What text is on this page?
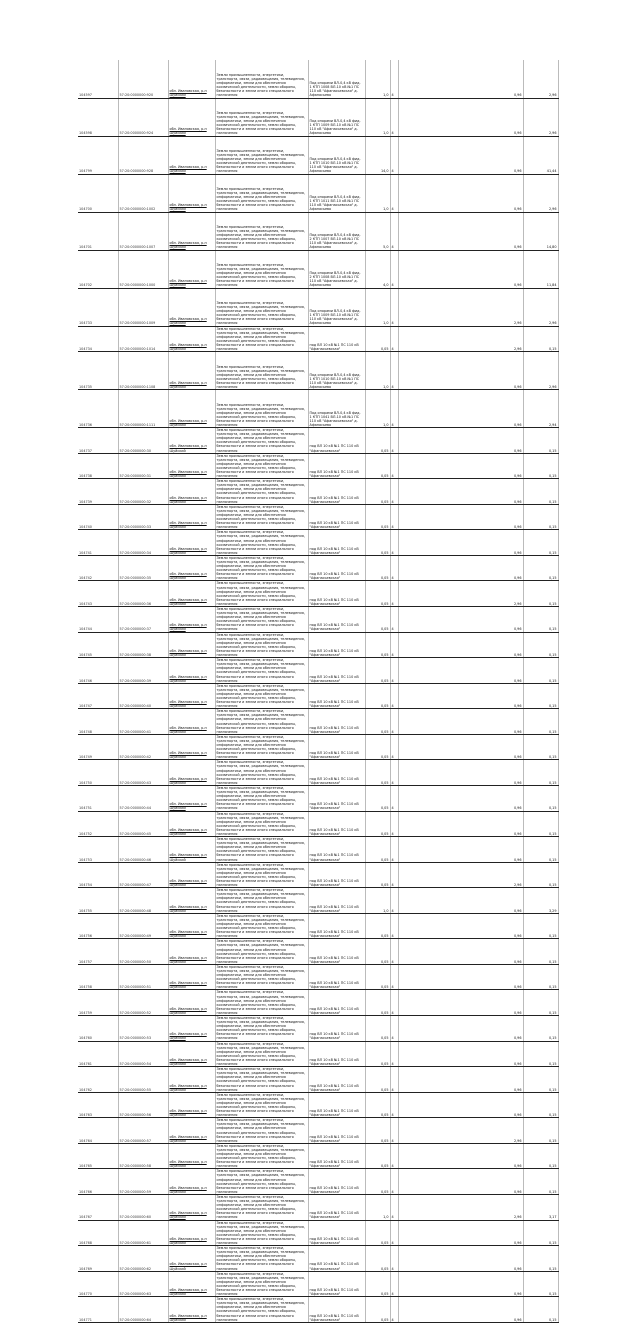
104597	57:20:0000000:920	обл. Ивановская, р-н Шуйский	Земли промышленности, энергетики, транспорта, связи, радиовещания, телевидения, информатики, земли для обеспечения космической деятельности, земли обороны, безопасности и земли иного специального назначения	Под опорами ВЛ-0,4 кВ фид. 1 КТП 1008 ВЛ-10 кВ №1 ПС 110 кВ "Афанасьевская" д. Афанасьево	1,0	4			0,96	2,96
104598	57:20:0000000:924	обл. Ивановская, р-н Шуйский	Земли промышленности, энергетики, транспорта, связи, радиовещания, телевидения, информатики, земли для обеспечения космической деятельности, земли обороны, безопасности и земли иного специального назначения	Под опорами ВЛ-0,4 кВ фид. 1 КТП 1009 ВЛ-10 кВ №1 ПС 110 кВ "Афанасьевская" д. Афанасьево	1,0	4			0,96	2,96
104799	57:20:0000000:928	обл. Ивановская, р-н Шуйский	Земли промышленности, энергетики, транспорта, связи, радиовещания, телевидения, информатики, земли для обеспечения космической деятельности, земли обороны, безопасности и земли иного специального назначения	Под опорами ВЛ-0,4 кВ фид. 1 КТП 1010 ВЛ-10 кВ №1 ПС 110 кВ "Афанасьевская" д. Афанасьево	14,0	4			0,96	41,44
104700	57:20:0000000:1002	обл. Ивановская, р-н Шуйский	Земли промышленности, энергетики, транспорта, связи, радиовещания, телевидения, информатики, земли для обеспечения космической деятельности, земли обороны, безопасности и земли иного специального назначения	Под опорами ВЛ-0,4 кВ фид. 1 КТП 1011 ВЛ-10 кВ №1 ПС 110 кВ "Афанасьевская" д. Афанасьево	1,0	4			0,96	2,96
104701	57:20:0000000:1007	обл. Ивановская, р-н Шуйский	Земли промышленности, энергетики, транспорта, связи, радиовещания, телевидения, информатики, земли для обеспечения космической деятельности, земли обороны, безопасности и земли иного специального назначения	Под опорами ВЛ-0,4 кВ фид. 2 КТП 1007 ВЛ-10 кВ №1 ПС 110 кВ "Афанасьевская" д. Афанасьево	5,0	4			0,96	14,80
104702	57:20:0000000:1000	обл. Ивановская, р-н Шуйский	Земли промышленности, энергетики, транспорта, связи, радиовещания, телевидения, информатики, земли для обеспечения космической деятельности, земли обороны, безопасности и земли иного специального назначения	Под опорами ВЛ-0,4 кВ фид. 2 КТП 1008 ВЛ-10 кВ №1 ПС 110 кВ "Афанасьевская" д. Афанасьево	4,0	4			0,96	11,84
104733	57:20:0000000:1009	обл. Ивановская, р-н Шуйский	Земли промышленности, энергетики, транспорта, связи, радиовещания, телевидения, информатики, земли для обеспечения космической деятельности, земли обороны, безопасности и земли иного специального назначения	Под опорами ВЛ-0,4 кВ фид. 1 КТП 1009 ВЛ-10 кВ №1 ПС 110 кВ "Афанасьевская" д. Афанасьево	1,0	4			2,96	2,96
104734	57:20:0000000:1014	обл. Ивановская, р-н Шуйский	Земли промышленности, энергетики, транспорта, связи, радиовещания, телевидения, информатики, земли для обеспечения космической деятельности, земли обороны, безопасности и земли иного специального назначения	под ВЛ 10 кВ №1 ПС 110 кВ "Афанасьевская"	0,05	4			2,96	0,15
104735	57:20:0000000:1108	обл. Ивановская, р-н Шуйский	Земли промышленности, энергетики, транспорта, связи, радиовещания, телевидения, информатики, земли для обеспечения космической деятельности, земли обороны, безопасности и земли иного специального назначения	Под опорами ВЛ-0,4 кВ фид. 1 КТП 1010 ВЛ-10 кВ №1 ПС 110 кВ "Афанасьевская" д. Афанасьево	1,0	4			0,96	2,96
104736	57:20:0000000:1111	обл. Ивановская, р-н Шуйский	Земли промышленности, энергетики, транспорта, связи, радиовещания, телевидения, информатики, земли для обеспечения космической деятельности, земли обороны, безопасности и земли иного специального назначения	Под опорами ВЛ-0,4 кВ фид. 1 КТП 1041 ВЛ-10 кВ №1 ПС 110 кВ "Афанасьевская" д. Афанасьево	1,0	4			0,96	2,94
104737	57:20:0000000:30	обл. Ивановская, р-н Шуйский	Земли промышленности, энергетики, транспорта, связи, радиовещания, телевидения, информатики, земли для обеспечения космической деятельности, земли обороны, безопасности и земли иного специального назначения	под ВЛ 10 кВ №1 ПС 110 кВ "Афанасьевская"	0,05	4			0,96	0,15
104738	57:20:0000000:31	обл. Ивановская, р-н Шуйский	Земли промышленности, энергетики, транспорта, связи, радиовещания, телевидения, информатики, земли для обеспечения космической деятельности, земли обороны, безопасности и земли иного специального назначения	под ВЛ 10 кВ №1 ПС 110 кВ "Афанасьевская"	0,05	4			0,96	0,15
104739	57:20:0000000:32	обл. Ивановская, р-н Шуйский	Земли промышленности, энергетики, транспорта, связи, радиовещания, телевидения, информатики, земли для обеспечения космической деятельности, земли обороны, безопасности и земли иного специального назначения	под ВЛ 10 кВ №1 ПС 110 кВ "Афанасьевская"	0,05	4			0,96	0,15
104740	57:20:0000000:33	обл. Ивановская, р-н Шуйский	Земли промышленности, энергетики, транспорта, связи, радиовещания, телевидения, информатики, земли для обеспечения космической деятельности, земли обороны, безопасности и земли иного специального назначения	под ВЛ 10 кВ №1 ПС 110 кВ "Афанасьевская"	0,05	4			0,96	0,15
104741	57:20:0000000:34	обл. Ивановская, р-н Шуйский	Земли промышленности, энергетики, транспорта, связи, радиовещания, телевидения, информатики, земли для обеспечения космической деятельности, земли обороны, безопасности и земли иного специального назначения	под ВЛ 10 кВ №1 ПС 110 кВ "Афанасьевская"	0,05	4			0,96	0,15
104742	57:20:0000000:35	обл. Ивановская, р-н Шуйский	Земли промышленности, энергетики, транспорта, связи, радиовещания, телевидения, информатики, земли для обеспечения космической деятельности, земли обороны, безопасности и земли иного специального назначения	под ВЛ 10 кВ №1 ПС 110 кВ "Афанасьевская"	0,05	4			0,96	0,15
104743	57:20:0000000:36	обл. Ивановская, р-н Шуйский	Земли промышленности, энергетики, транспорта, связи, радиовещания, телевидения, информатики, земли для обеспечения космической деятельности, земли обороны, безопасности и земли иного специального назначения	под ВЛ 10 кВ №1 ПС 110 кВ "Афанасьевская"	0,05	4			2,96	0,15
104744	57:20:0000000:37	обл. Ивановская, р-н Шуйский	Земли промышленности, энергетики, транспорта, связи, радиовещания, телевидения, информатики, земли для обеспечения космической деятельности, земли обороны, безопасности и земли иного специального назначения	под ВЛ 10 кВ №1 ПС 110 кВ "Афанасьевская"	0,05	4			0,96	0,15
104745	57:20:0000000:38	обл. Ивановская, р-н Шуйский	Земли промышленности, энергетики, транспорта, связи, радиовещания, телевидения, информатики, земли для обеспечения космической деятельности, земли обороны, безопасности и земли иного специального назначения	под ВЛ 10 кВ №1 ПС 110 кВ "Афанасьевская"	0,05	4			0,96	0,15
104746	57:20:0000000:39	обл. Ивановская, р-н Шуйский	Земли промышленности, энергетики, транспорта, связи, радиовещания, телевидения, информатики, земли для обеспечения космической деятельности, земли обороны, безопасности и земли иного специального назначения	под ВЛ 10 кВ №1 ПС 110 кВ "Афанасьевская"	0,05	4			0,96	0,15
104747	57:20:0000000:40	обл. Ивановская, р-н Шуйский	Земли промышленности, энергетики, транспорта, связи, радиовещания, телевидения, информатики, земли для обеспечения космической деятельности, земли обороны, безопасности и земли иного специального назначения	под ВЛ 10 кВ №1 ПС 110 кВ "Афанасьевская"	0,05	4			0,96	0,15
104748	57:20:0000000:41	обл. Ивановская, р-н Шуйский	Земли промышленности, энергетики, транспорта, связи, радиовещания, телевидения, информатики, земли для обеспечения космической деятельности, земли обороны, безопасности и земли иного специального назначения	под ВЛ 10 кВ №1 ПС 110 кВ "Афанасьевская"	0,05	4			0,96	0,15
104749	57:20:0000000:42	обл. Ивановская, р-н Шуйский	Земли промышленности, энергетики, транспорта, связи, радиовещания, телевидения, информатики, земли для обеспечения космической деятельности, земли обороны, безопасности и земли иного специального назначения	под ВЛ 10 кВ №1 ПС 110 кВ "Афанасьевская"	0,05	4			0,96	0,15
104750	57:20:0000000:43	обл. Ивановская, р-н Шуйский	Земли промышленности, энергетики, транспорта, связи, радиовещания, телевидения, информатики, земли для обеспечения космической деятельности, земли обороны, безопасности и земли иного специального назначения	под ВЛ 10 кВ №1 ПС 110 кВ "Афанасьевская"	0,05	4			0,96	0,15
104751	57:20:0000000:44	обл. Ивановская, р-н Шуйский	Земли промышленности, энергетики, транспорта, связи, радиовещания, телевидения, информатики, земли для обеспечения космической деятельности, земли обороны, безопасности и земли иного специального назначения	под ВЛ 10 кВ №1 ПС 110 кВ "Афанасьевская"	0,05	4			0,96	0,15
104752	57:20:0000000:45	обл. Ивановская, р-н Шуйский	Земли промышленности, энергетики, транспорта, связи, радиовещания, телевидения, информатики, земли для обеспечения космической деятельности, земли обороны, безопасности и земли иного специального назначения	под ВЛ 10 кВ №1 ПС 110 кВ "Афанасьевская"	0,05	4			0,96	0,15
104753	57:20:0000000:46	обл. Ивановская, р-н Шуйский	Земли промышленности, энергетики, транспорта, связи, радиовещания, телевидения, информатики, земли для обеспечения космической деятельности, земли обороны, безопасности и земли иного специального назначения	под ВЛ 10 кВ №1 ПС 110 кВ "Афанасьевская"	0,05	4			0,96	0,15
104754	57:20:0000000:47	обл. Ивановская, р-н Шуйский	Земли промышленности, энергетики, транспорта, связи, радиовещания, телевидения, информатики, земли для обеспечения космической деятельности, земли обороны, безопасности и земли иного специального назначения	под ВЛ 10 кВ №1 ПС 110 кВ "Афанасьевская"	0,05	4			2,96	0,15
104755	57:20:0000000:48	обл. Ивановская, р-н Шуйский	Земли промышленности, энергетики, транспорта, связи, радиовещания, телевидения, информатики, земли для обеспечения космической деятельности, земли обороны, безопасности и земли иного специального назначения	под ВЛ 10 кВ №1 ПС 110 кВ "Афанасьевская"	1,0	4			0,96	3,29
104756	57:20:0000000:49	обл. Ивановская, р-н Шуйский	Земли промышленности, энергетики, транспорта, связи, радиовещания, телевидения, информатики, земли для обеспечения космической деятельности, земли обороны, безопасности и земли иного специального назначения	под ВЛ 10 кВ №1 ПС 110 кВ "Афанасьевская"	0,05	4			0,96	0,15
104757	57:20:0000000:50	обл. Ивановская, р-н Шуйский	Земли промышленности, энергетики, транспорта, связи, радиовещания, телевидения, информатики, земли для обеспечения космической деятельности, земли обороны, безопасности и земли иного специального назначения	под ВЛ 10 кВ №1 ПС 110 кВ "Афанасьевская"	0,05	4			0,96	0,15
104758	57:20:0000000:51	обл. Ивановская, р-н Шуйский	Земли промышленности, энергетики, транспорта, связи, радиовещания, телевидения, информатики, земли для обеспечения космической деятельности, земли обороны, безопасности и земли иного специального назначения	под ВЛ 10 кВ №1 ПС 110 кВ "Афанасьевская"	0,05	4			0,96	0,15
104759	57:20:0000000:52	обл. Ивановская, р-н Шуйский	Земли промышленности, энергетики, транспорта, связи, радиовещания, телевидения, информатики, земли для обеспечения космической деятельности, земли обороны, безопасности и земли иного специального назначения	под ВЛ 10 кВ №1 ПС 110 кВ "Афанасьевская"	0,05	4			0,96	0,15
104760	57:20:0000000:53	обл. Ивановская, р-н Шуйский	Земли промышленности, энергетики, транспорта, связи, радиовещания, телевидения, информатики, земли для обеспечения космической деятельности, земли обороны, безопасности и земли иного специального назначения	под ВЛ 10 кВ №1 ПС 110 кВ "Афанасьевская"	0,05	4			0,96	0,15
104761	57:20:0000000:54	обл. Ивановская, р-н Шуйский	Земли промышленности, энергетики, транспорта, связи, радиовещания, телевидения, информатики, земли для обеспечения космической деятельности, земли обороны, безопасности и земли иного специального назначения	под ВЛ 10 кВ №1 ПС 110 кВ "Афанасьевская"	0,05	4			0,96	0,15
104762	57:20:0000000:55	обл. Ивановская, р-н Шуйский	Земли промышленности, энергетики, транспорта, связи, радиовещания, телевидения, информатики, земли для обеспечения космической деятельности, земли обороны, безопасности и земли иного специального назначения	под ВЛ 10 кВ №1 ПС 110 кВ "Афанасьевская"	0,05	4			0,96	0,15
104763	57:20:0000000:56	обл. Ивановская, р-н Шуйский	Земли промышленности, энергетики, транспорта, связи, радиовещания, телевидения, информатики, земли для обеспечения космической деятельности, земли обороны, безопасности и земли иного специального назначения	под ВЛ 10 кВ №1 ПС 110 кВ "Афанасьевская"	0,05	4			0,96	0,15
104764	57:20:0000000:57	обл. Ивановская, р-н Шуйский	Земли промышленности, энергетики, транспорта, связи, радиовещания, телевидения, информатики, земли для обеспечения космической деятельности, земли обороны, безопасности и земли иного специального назначения	под ВЛ 10 кВ №1 ПС 110 кВ "Афанасьевская"	0,05	4			2,96	0,15
104765	57:20:0000000:58	обл. Ивановская, р-н Шуйский	Земли промышленности, энергетики, транспорта, связи, радиовещания, телевидения, информатики, земли для обеспечения космической деятельности, земли обороны, безопасности и земли иного специального назначения	под ВЛ 10 кВ №1 ПС 110 кВ "Афанасьевская"	0,05	4			0,96	0,15
104766	57:20:0000000:59	обл. Ивановская, р-н Шуйский	Земли промышленности, энергетики, транспорта, связи, радиовещания, телевидения, информатики, земли для обеспечения космической деятельности, земли обороны, безопасности и земли иного специального назначения	под ВЛ 10 кВ №1 ПС 110 кВ "Афанасьевская"	0,05	4			0,96	0,15
104767	57:20:0000000:60	обл. Ивановская, р-н Шуйский	Земли промышленности, энергетики, транспорта, связи, радиовещания, телевидения, информатики, земли для обеспечения космической деятельности, земли обороны, безопасности и земли иного специального назначения	под ВЛ 10 кВ №1 ПС 110 кВ "Афанасьевская"	1,0	4			2,96	3,17
104768	57:20:0000000:61	обл. Ивановская, р-н Шуйский	Земли промышленности, энергетики, транспорта, связи, радиовещания, телевидения, информатики, земли для обеспечения космической деятельности, земли обороны, безопасности и земли иного специального назначения	под ВЛ 10 кВ №1 ПС 110 кВ "Афанасьевская"	0,05	4			0,96	0,15
104769	57:20:0000000:62	обл. Ивановская, р-н Шуйский	Земли промышленности, энергетики, транспорта, связи, радиовещания, телевидения, информатики, земли для обеспечения космической деятельности, земли обороны, безопасности и земли иного специального назначения	под ВЛ 10 кВ №1 ПС 110 кВ "Афанасьевская"	0,05	4			0,96	0,15
104770	57:20:0000000:63	обл. Ивановская, р-н Шуйский	Земли промышленности, энергетики, транспорта, связи, радиовещания, телевидения, информатики, земли для обеспечения космической деятельности, земли обороны, безопасности и земли иного специального назначения	под ВЛ 10 кВ №1 ПС 110 кВ "Афанасьевская"	0,05	4			0,96	0,15
104771	57:20:0000000:64	обл. Ивановская, р-н Шуйский	Земли промышленности, энергетики, транспорта, связи, радиовещания, телевидения, информатики, земли для обеспечения космической деятельности, земли обороны, безопасности и земли иного специального назначения	под ВЛ 10 кВ №1 ПС 110 кВ "Афанасьевская"	0,05	4			0,96	0,15
